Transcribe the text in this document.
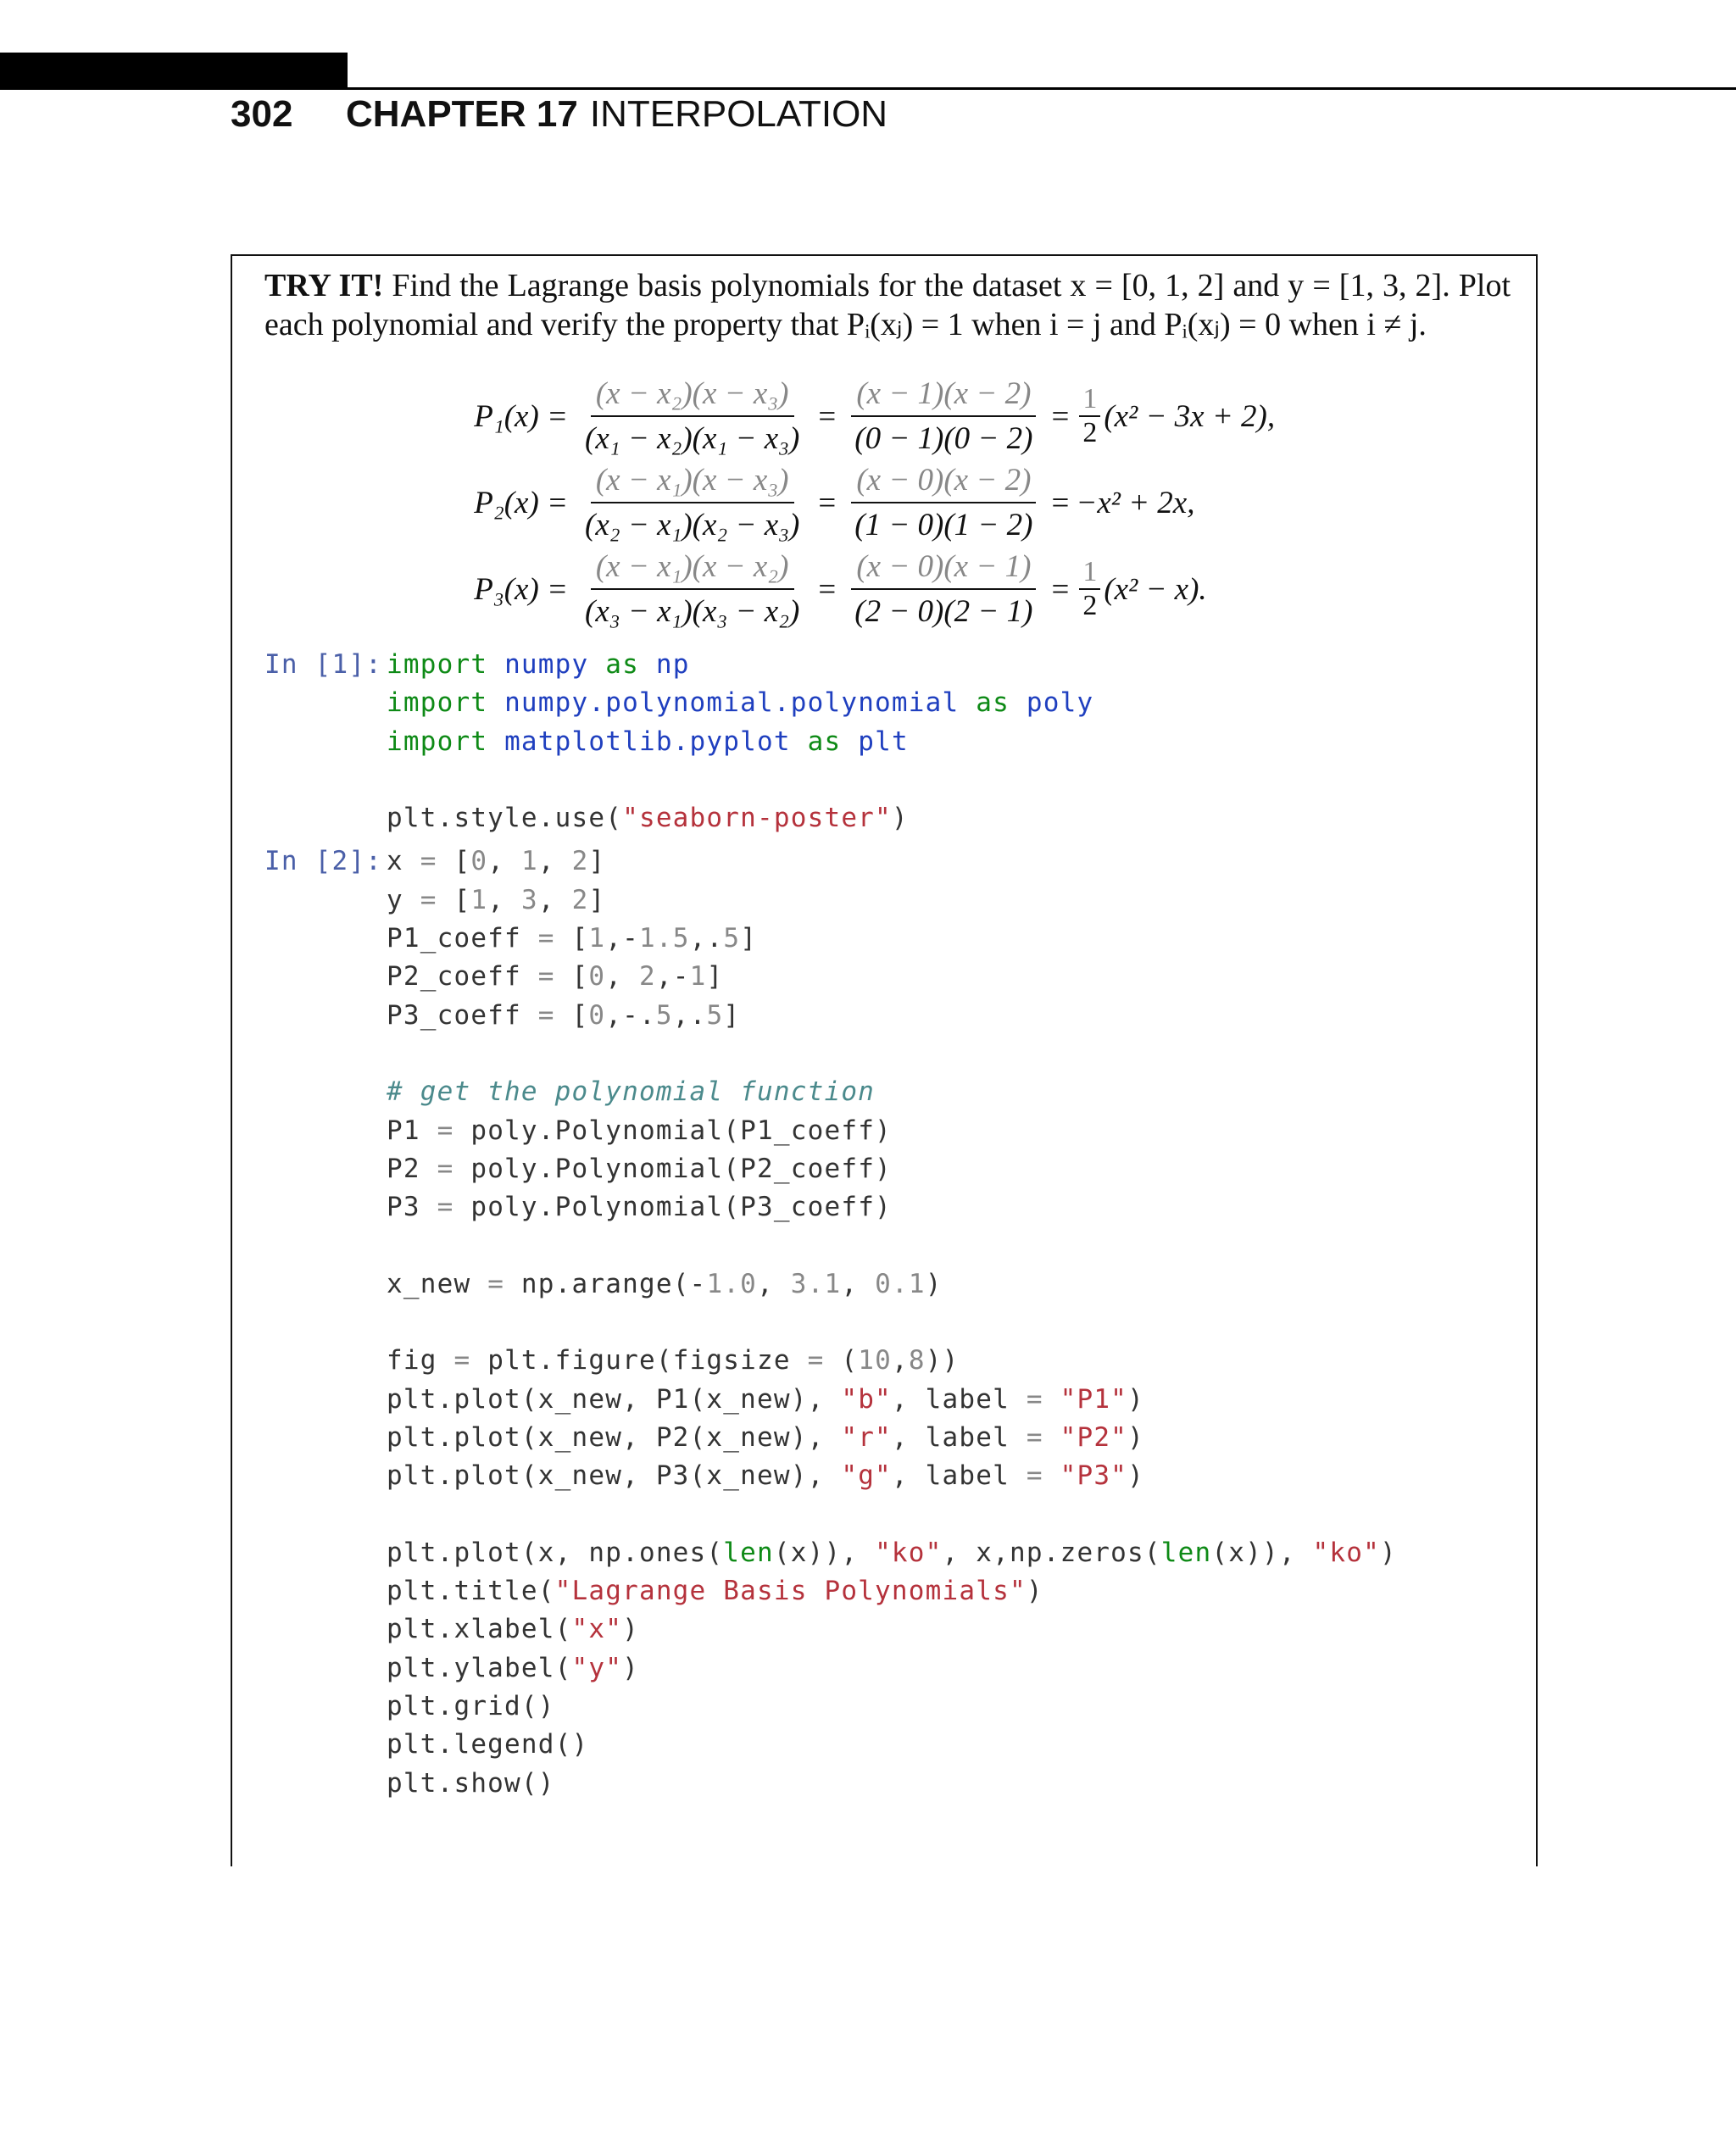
302 CHAPTER 17 INTERPOLATION
TRY IT! Find the Lagrange basis polynomials for the dataset x = [0, 1, 2] and y = [1, 3, 2]. Plot
each polynomial and verify the property that Pᵢ(xⱼ) = 1 when i = j and Pᵢ(xⱼ) = 0 when i ≠ j.
$P_1(x) = \frac{\text{(x − x₂)(x − x₃)}}{\text{(x₁ − x₂)(x₁ − x₃)}} = \frac{(x - 1)(x - 2)}{(0 - 1)(0 - 2)} = \frac{1}{2} (x^2 - 3x + 2)$,
$P_2(x) = \frac{\text{(x − x₁)(x − x₃)}}{\text{(x₂ − x₁)(x₂ − x₃)}} = \frac{(x - 0)(x - 2)}{(1 - 0)(1 - 2)} = -x^2 + 2x$,
$P_3(x) = \frac{\text{(x − x₁)(x − x₂)}}{\text{(x₃ − x₁)(x₃ − x₂)}} = \frac{(x - 0)(x - 1)}{(2 - 0)(2 - 1)} = \frac{1}{2} (x^2 - x)$.
In [1]: import numpy as np
import numpy.polynomial.polynomial as poly
import matplotlib.pyplot as plt
plt.style.use("seaborn-poster")
In [2]: x = [0, 1, 2]
y = [1, 3, 2]
P1_coeff = [1,-1.5,.5]
P2_coeff = [0, 2,-1]
P3_coeff = [0,-.5,.5]
# get the polynomial function
P1 = poly.Polynomial(P1_coeff)
P2 = poly.Polynomial(P2_coeff)
P3 = poly.Polynomial(P3_coeff)
x_new = np.arange(-1.0, 3.1, 0.1)
fig = plt.figure(figsize = (10,8))
plt.plot(x_new, P1(x_new), "b", label = "P1")
plt.plot(x_new, P2(x_new), "r", label = "P2")
plt.plot(x_new, P3(x_new), "g", label = "P3")
plt.plot(x, np.ones(len(x)), "ko", x,np.zeros(len(x)), "ko")
plt.title("Lagrange Basis Polynomials")
plt.xlabel("x")
plt.ylabel("y")
plt.grid()
plt.legend()
plt.show()
